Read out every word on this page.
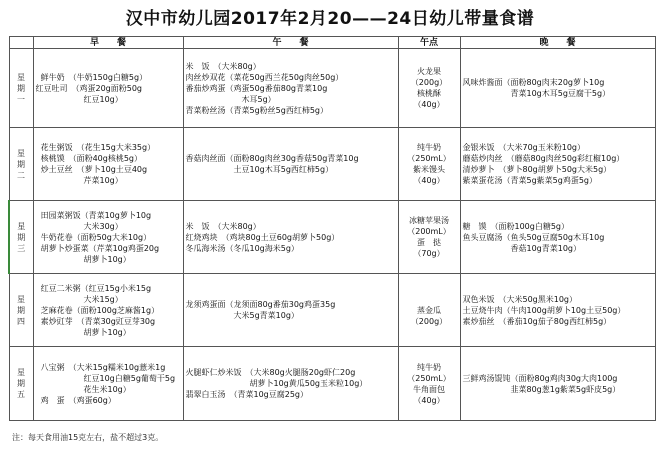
汉中市幼儿园2017年2月20——24日幼儿带量食谱
	早　　餐	午　　餐	午点	晚　　餐

星
期
一	鲜牛奶　（牛奶150g白糖5g）
红豆吐司　（鸡蛋20g面粉50g
　　　　　　红豆10g）	米　饭　（大米80g）
肉丝炒双花（菜花50g西兰花50g肉丝50g）
番茄炒鸡蛋（鸡蛋50g番茄80g青菜10g
　　　　　　　木耳5g）
青菜粉丝汤（青菜5g粉丝5g西红柿5g）	火龙果
（200g）
核桃酥
（40g）	风味炸酱面（面粉80g肉末20g萝卜10g
　　　　　　青菜10g木耳5g豆腐干5g）

星
期
二	花生粥饭　（花生15g大米35g）
核桃馍　（面粉40g核桃5g）
炒土豆丝　（萝卜10g土豆40g
　　　　　　芹菜10g）	香菇肉丝面（面粉80g肉丝30g香菇50g青菜10g
　　　　　　土豆10g木耳5g西红柿5g）	纯牛奶
（250mL）
紫米馒头
（40g）	金银米饭　（大米70g玉米粉10g）
蘑菇炒肉丝　（蘑菇80g肉丝50g彩红椒10g）
清炒萝卜　（萝卜80g胡萝卜50g大米5g）
紫菜蛋花汤（青菜5g紫菜5g鸡蛋5g）

星
期
三	田园菜粥饭（青菜10g萝卜10g
　　　　　　大米30g）
牛奶花卷（面粉50g大米10g）
胡萝卜炒蛋菜（芹菜10g鸡蛋20g
　　　　　　胡萝卜10g）	米　饭　（大米80g）
红烧鸡块　（鸡块80g土豆60g胡萝卜50g）
冬瓜海米汤（冬瓜10g海米5g）	冰糖苹果汤
（200mL）
蛋　挞
（70g）	糖　馍　（面粉100g白糖5g）
鱼头豆腐汤（鱼头50g豆腐50g木耳10g
　　　　　　香菇10g青菜10g）

星
期
四	红豆二米粥（红豆15g小米15g
　　　　　　大米15g）
芝麻花卷（面粉100g芝麻酱1g）
素炒豇芽　（青菜30g豇豆芽30g
　　　　　　胡萝卜10g）	龙须鸡蛋面（龙须面80g番茄30g鸡蛋35g
　　　　　　大米5g青菜10g）	
蒸金瓜
（200g）	双色米饭　（大米50g黑米10g）
土豆烧牛肉（牛肉100g胡萝卜10g土豆50g）
素炒茄丝　（番茄10g茄子80g西红柿5g）

星
期
五	八宝粥　（大米15g糯米10g薏米1g
　　　　　　红豆10g白糖5g葡萄干5g
　　　　　　花生米10g）
鸡　蛋　（鸡蛋60g）	火腿虾仁炒米饭　（大米80g火腿肠20g虾仁20g
　　　　　　　　胡萝卜10g黄瓜50g玉米粒10g）
翡翠白玉汤　（青菜10g豆腐25g）	纯牛奶
（250mL）
牛角面包
（40g）	三鲜鸡汤馄饨（面粉80g鸡肉30g大肉100g
　　　　　　韭菜80g葱1g紫菜5g虾皮5g）
注：每天食用油15克左右，盐不超过3克。
